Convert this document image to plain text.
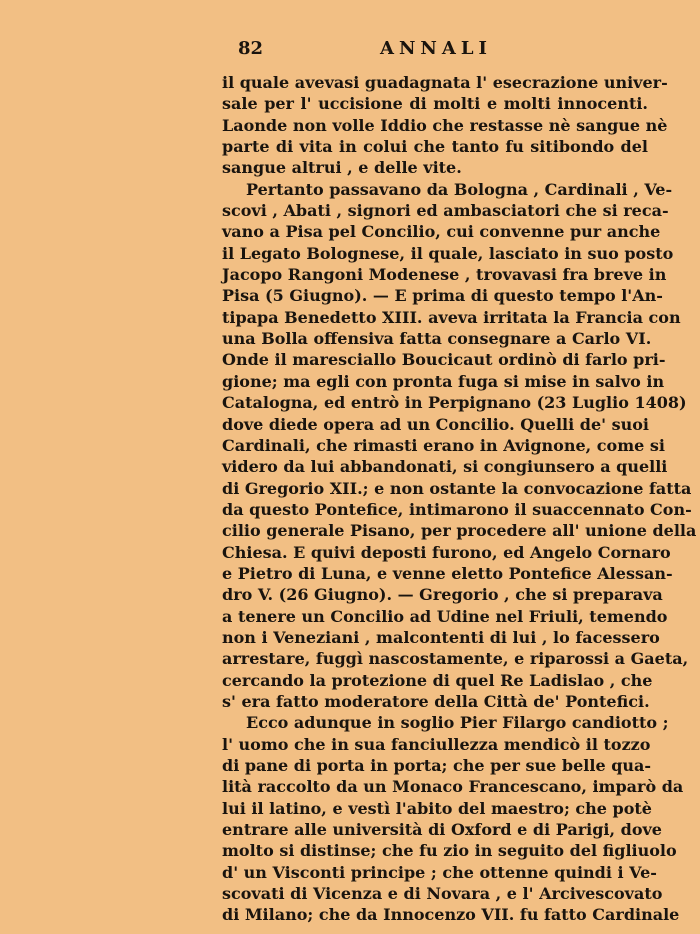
82	ANNALI
il quale avevasi guadagnata l' esecrazione univer-
sale per l' uccisione di molti e molti innocenti.
Laonde non volle Iddio che restasse nè sangue nè
parte di vita in colui che tanto fu sitibondo del
sangue altrui , e delle vite.
Pertanto passavano da Bologna , Cardinali , Ve-
scovi , Abati , signori ed ambasciatori che si reca-
vano a Pisa pel Concilio, cui convenne pur anche
il Legato Bolognese, il quale, lasciato in suo posto
Jacopo Rangoni Modenese , trovavasi fra breve in
Pisa (5 Giugno). — E prima di questo tempo l'An-
tipapa Benedetto XIII. aveva irritata la Francia con
una Bolla offensiva fatta consegnare a Carlo VI.
Onde il maresciallo Boucicaut ordinò di farlo pri-
gione; ma egli con pronta fuga si mise in salvo in
Catalogna, ed entrò in Perpignano (23 Luglio 1408)
dove diede opera ad un Concilio. Quelli de' suoi
Cardinali, che rimasti erano in Avignone, come si
videro da lui abbandonati, si congiunsero a quelli
di Gregorio XII.; e non ostante la convocazione fatta
da questo Pontefice, intimarono il suaccennato Con-
cilio generale Pisano, per procedere all' unione della
Chiesa. E quivi deposti furono, ed Angelo Cornaro
e Pietro di Luna, e venne eletto Pontefice Alessan-
dro V. (26 Giugno). — Gregorio , che si preparava
a tenere un Concilio ad Udine nel Friuli, temendo
non i Veneziani , malcontenti di lui , lo facessero
arrestare, fuggì nascostamente, e riparossi a Gaeta,
cercando la protezione di quel Re Ladislao , che
s' era fatto moderatore della Città de' Pontefici.
Ecco adunque in soglio Pier Filargo candiotto ;
l' uomo che in sua fanciullezza mendicò il tozzo
di pane di porta in porta; che per sue belle qua-
lità raccolto da un Monaco Francescano, imparò da
lui il latino, e vestì l'abito del maestro; che potè
entrare alle università di Oxford e di Parigi, dove
molto si distinse; che fu zio in seguito del figliuolo
d' un Visconti principe ; che ottenne quindi i Ve-
scovati di Vicenza e di Novara , e l' Arcivescovato
di Milano; che da Innocenzo VII. fu fatto Cardinale
